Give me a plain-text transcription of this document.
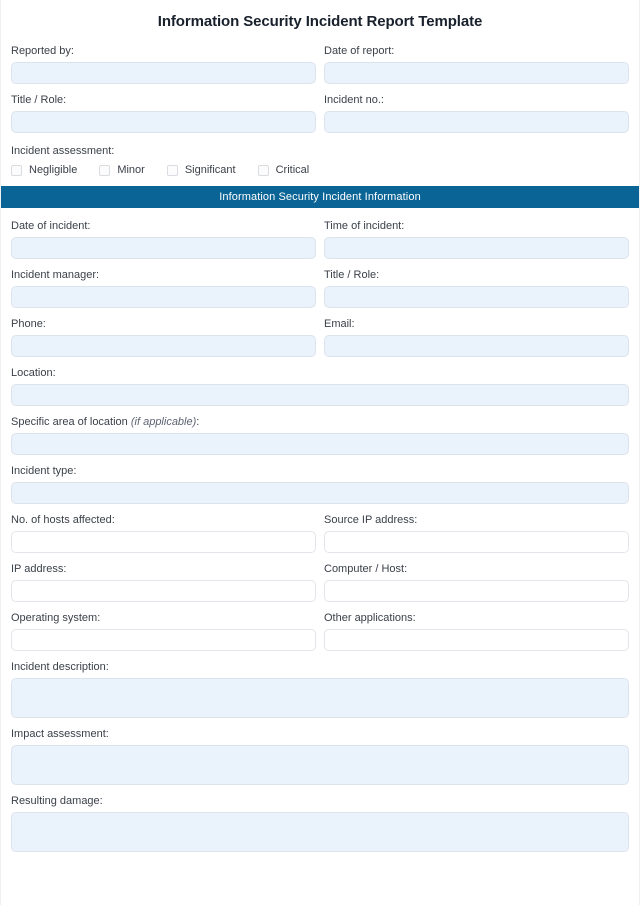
Information Security Incident Report Template
Reported by:	Date of report:
Title / Role:	Incident no.:
Incident assessment:
Negligible	Minor	Significant	Critical
Information Security Incident Information
Date of incident:	Time of incident:
Incident manager:	Title / Role:
Phone:	Email:
Location:
Specific area of location (if applicable):
Incident type:
No. of hosts affected:	Source IP address:
IP address:	Computer / Host:
Operating system:	Other applications:
Incident description:
Impact assessment:
Resulting damage:
